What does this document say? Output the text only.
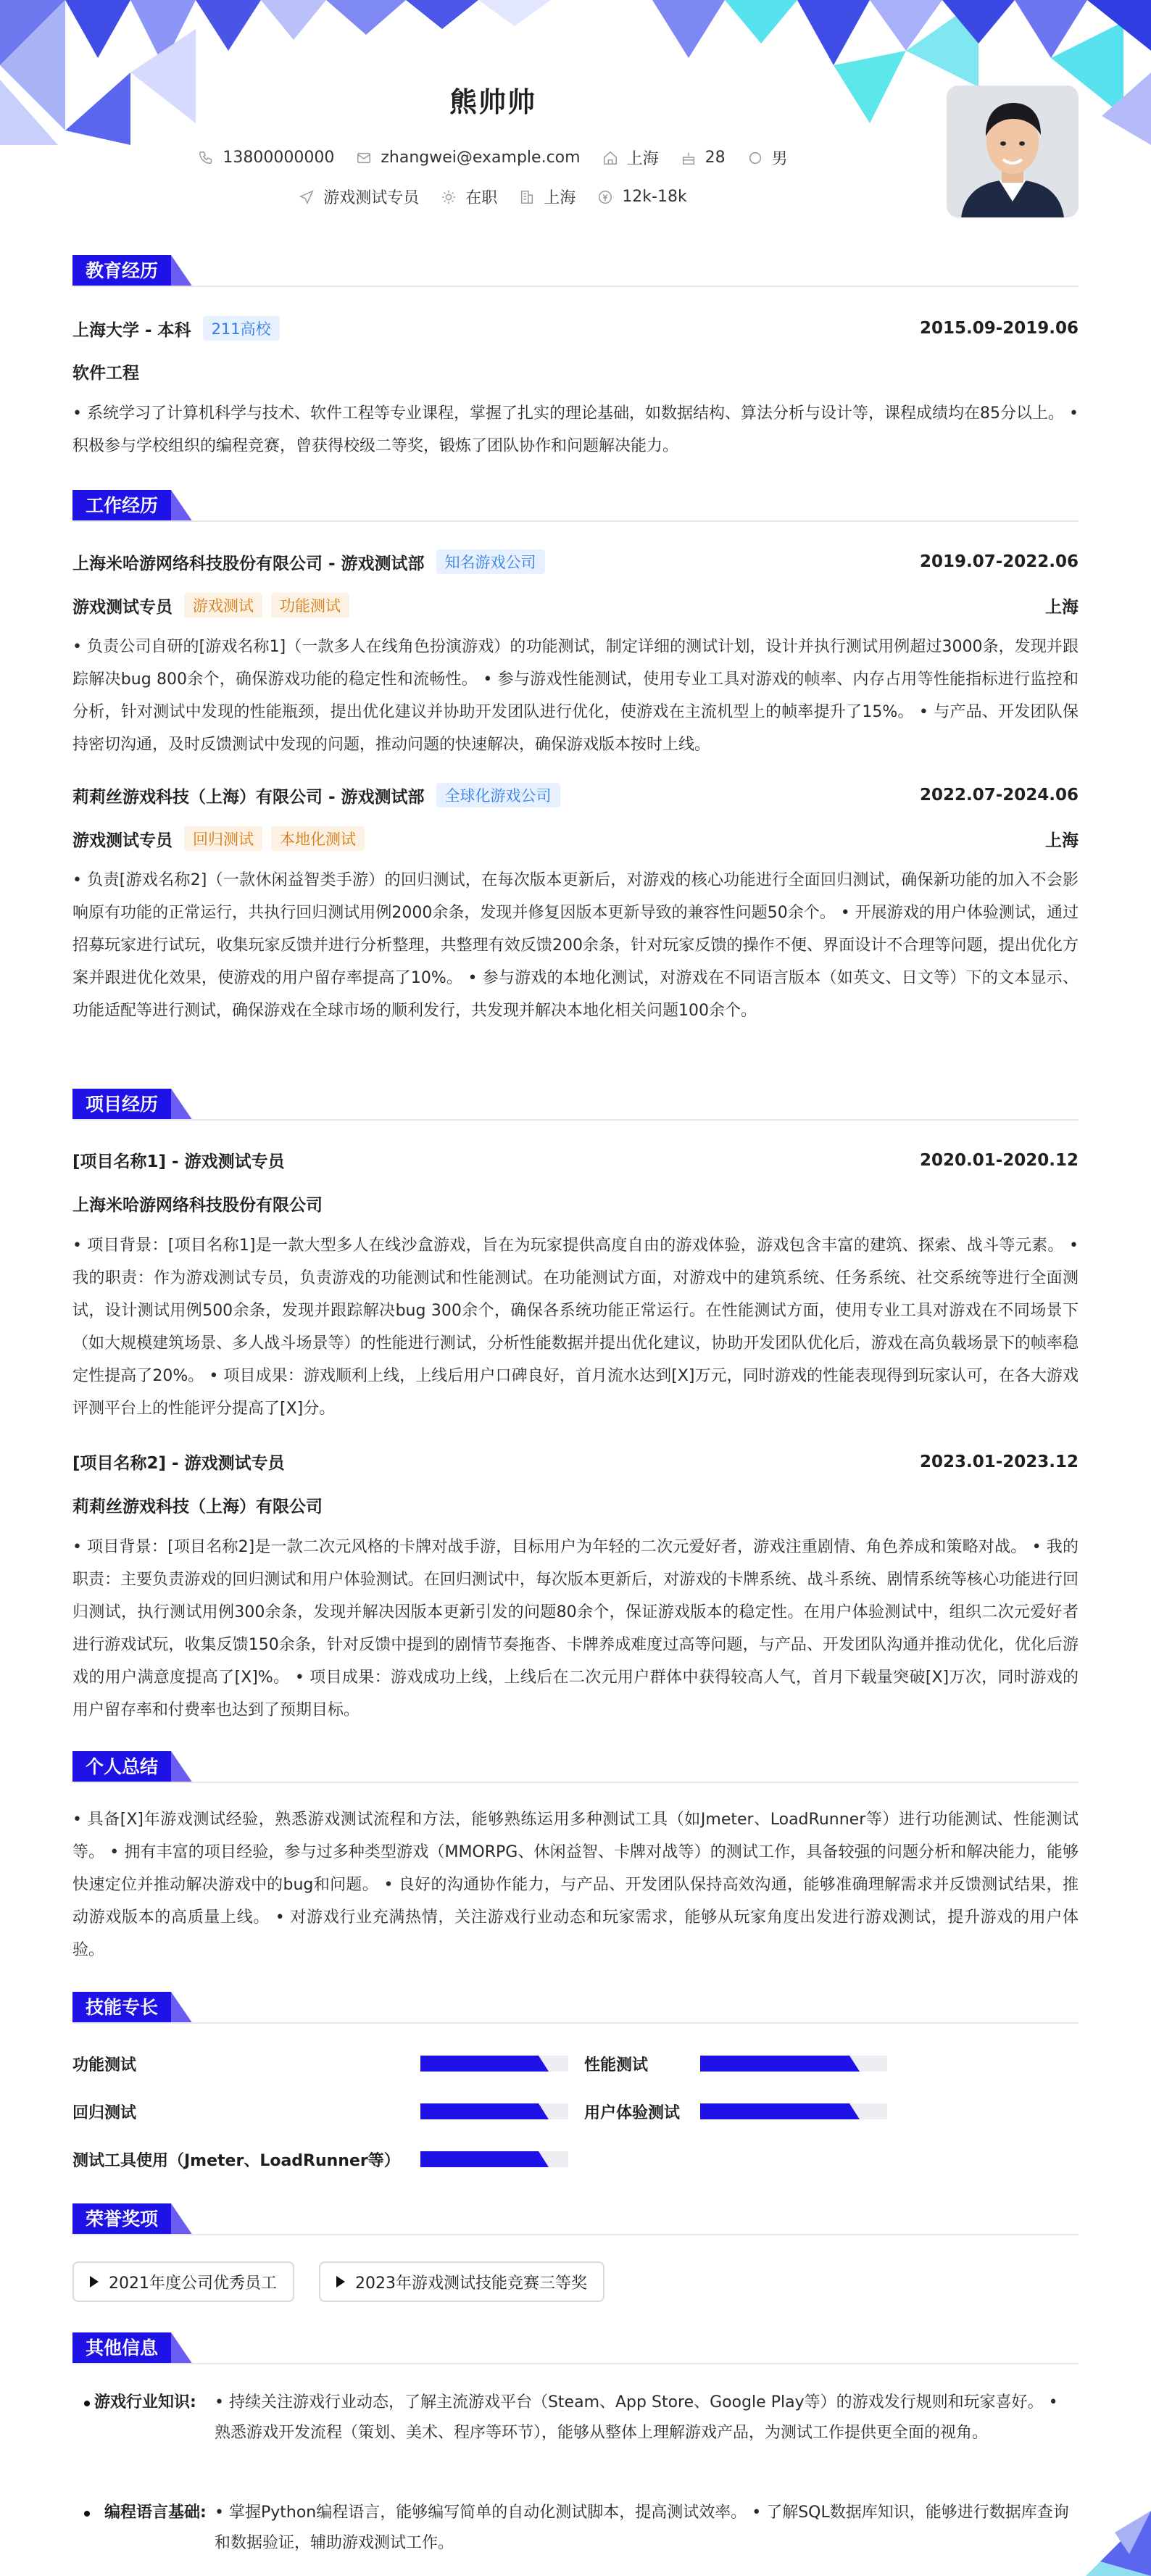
熊帅帅
13800000000	zhangwei@example.com	上海	28	男
游戏测试专员	在职	上海	12k-18k
教育经历
上海大学 - 本科	211高校	2015.09-2019.06
软件工程
• 系统学习了计算机科学与技术、软件工程等专业课程，掌握了扎实的理论基础，如数据结构、算法分析与设计等，课程成绩均在85分以上。 • 积极参与学校组织的编程竞赛，曾获得校级二等奖，锻炼了团队协作和问题解决能力。
工作经历
上海米哈游网络科技股份有限公司 - 游戏测试部	知名游戏公司	2019.07-2022.06
游戏测试专员	游戏测试	功能测试	上海
• 负责公司自研的[游戏名称1]（一款多人在线角色扮演游戏）的功能测试，制定详细的测试计划，设计并执行测试用例超过3000条，发现并跟踪解决bug 800余个，确保游戏功能的稳定性和流畅性。 • 参与游戏性能测试，使用专业工具对游戏的帧率、内存占用等性能指标进行监控和分析，针对测试中发现的性能瓶颈，提出优化建议并协助开发团队进行优化，使游戏在主流机型上的帧率提升了15%。 • 与产品、开发团队保持密切沟通，及时反馈测试中发现的问题，推动问题的快速解决，确保游戏版本按时上线。
莉莉丝游戏科技（上海）有限公司 - 游戏测试部	全球化游戏公司	2022.07-2024.06
游戏测试专员	回归测试	本地化测试	上海
• 负责[游戏名称2]（一款休闲益智类手游）的回归测试，在每次版本更新后，对游戏的核心功能进行全面回归测试，确保新功能的加入不会影响原有功能的正常运行，共执行回归测试用例2000余条，发现并修复因版本更新导致的兼容性问题50余个。 • 开展游戏的用户体验测试，通过招募玩家进行试玩，收集玩家反馈并进行分析整理，共整理有效反馈200余条，针对玩家反馈的操作不便、界面设计不合理等问题，提出优化方案并跟进优化效果，使游戏的用户留存率提高了10%。 • 参与游戏的本地化测试，对游戏在不同语言版本（如英文、日文等）下的文本显示、功能适配等进行测试，确保游戏在全球市场的顺利发行，共发现并解决本地化相关问题100余个。
项目经历
[项目名称1] - 游戏测试专员	2020.01-2020.12
上海米哈游网络科技股份有限公司
• 项目背景：[项目名称1]是一款大型多人在线沙盒游戏，旨在为玩家提供高度自由的游戏体验，游戏包含丰富的建筑、探索、战斗等元素。 • 我的职责：作为游戏测试专员，负责游戏的功能测试和性能测试。在功能测试方面，对游戏中的建筑系统、任务系统、社交系统等进行全面测试，设计测试用例500余条，发现并跟踪解决bug 300余个，确保各系统功能正常运行。在性能测试方面，使用专业工具对游戏在不同场景下（如大规模建筑场景、多人战斗场景等）的性能进行测试，分析性能数据并提出优化建议，协助开发团队优化后，游戏在高负载场景下的帧率稳定性提高了20%。 • 项目成果：游戏顺利上线，上线后用户口碑良好，首月流水达到[X]万元，同时游戏的性能表现得到玩家认可，在各大游戏评测平台上的性能评分提高了[X]分。
[项目名称2] - 游戏测试专员	2023.01-2023.12
莉莉丝游戏科技（上海）有限公司
• 项目背景：[项目名称2]是一款二次元风格的卡牌对战手游，目标用户为年轻的二次元爱好者，游戏注重剧情、角色养成和策略对战。 • 我的职责：主要负责游戏的回归测试和用户体验测试。在回归测试中，每次版本更新后，对游戏的卡牌系统、战斗系统、剧情系统等核心功能进行回归测试，执行测试用例300余条，发现并解决因版本更新引发的问题80余个，保证游戏版本的稳定性。在用户体验测试中，组织二次元爱好者进行游戏试玩，收集反馈150余条，针对反馈中提到的剧情节奏拖沓、卡牌养成难度过高等问题，与产品、开发团队沟通并推动优化，优化后游戏的用户满意度提高了[X]%。 • 项目成果：游戏成功上线，上线后在二次元用户群体中获得较高人气，首月下载量突破[X]万次，同时游戏的用户留存率和付费率也达到了预期目标。
个人总结
• 具备[X]年游戏测试经验，熟悉游戏测试流程和方法，能够熟练运用多种测试工具（如Jmeter、LoadRunner等）进行功能测试、性能测试等。 • 拥有丰富的项目经验，参与过多种类型游戏（MMORPG、休闲益智、卡牌对战等）的测试工作，具备较强的问题分析和解决能力，能够快速定位并推动解决游戏中的bug和问题。 • 良好的沟通协作能力，与产品、开发团队保持高效沟通，能够准确理解需求并反馈测试结果，推动游戏版本的高质量上线。 • 对游戏行业充满热情，关注游戏行业动态和玩家需求，能够从玩家角度出发进行游戏测试，提升游戏的用户体验。
技能专长
功能测试	性能测试
回归测试	用户体验测试
测试工具使用（Jmeter、LoadRunner等）
荣誉奖项
2021年度公司优秀员工	2023年游戏测试技能竞赛三等奖
其他信息
游戏行业知识: • 持续关注游戏行业动态，了解主流游戏平台（Steam、App Store、Google Play等）的游戏发行规则和玩家喜好。 • 熟悉游戏开发流程（策划、美术、程序等环节），能够从整体上理解游戏产品，为测试工作提供更全面的视角。
编程语言基础: • 掌握Python编程语言，能够编写简单的自动化测试脚本，提高测试效率。 • 了解SQL数据库知识，能够进行数据库查询和数据验证，辅助游戏测试工作。
